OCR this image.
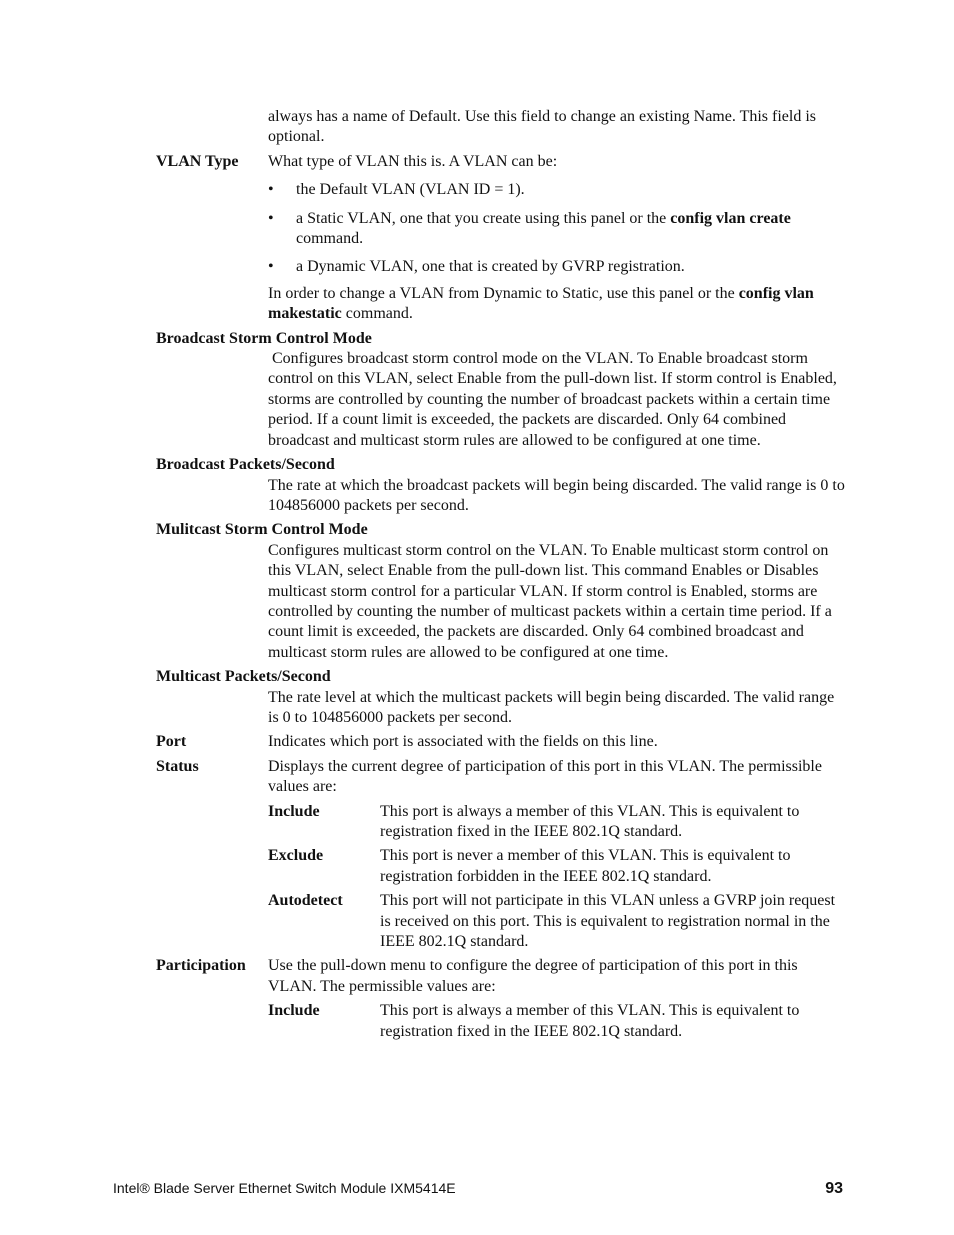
always has a name of Default. Use this field to change an existing Name. This field is optional.

VLAN Type	What type of VLAN this is. A VLAN can be:
•	the Default VLAN (VLAN ID = 1).
•	a Static VLAN, one that you create using this panel or the config vlan create command.
•	a Dynamic VLAN, one that is created by GVRP registration.

In order to change a VLAN from Dynamic to Static, use this panel or the config vlan makestatic command.

Broadcast Storm Control Mode

Configures broadcast storm control mode on the VLAN. To Enable broadcast storm control on this VLAN, select Enable from the pull-down list. If storm control is Enabled, storms are controlled by counting the number of broadcast packets within a certain time period. If a count limit is exceeded, the packets are discarded. Only 64 combined broadcast and multicast storm rules are allowed to be configured at one time.

Broadcast Packets/Second

The rate at which the broadcast packets will begin being discarded. The valid range is 0 to 104856000 packets per second.

Mulitcast Storm Control Mode

Configures multicast storm control on the VLAN. To Enable multicast storm control on this VLAN, select Enable from the pull-down list. This command Enables or Disables multicast storm control for a particular VLAN. If storm control is Enabled, storms are controlled by counting the number of multicast packets within a certain time period. If a count limit is exceeded, the packets are discarded. Only 64 combined broadcast and multicast storm rules are allowed to be configured at one time.

Multicast Packets/Second

The rate level at which the multicast packets will begin being discarded. The valid range is 0 to 104856000 packets per second.

Port	Indicates which port is associated with the fields on this line.
Status	Displays the current degree of participation of this port in this VLAN. The permissible values are:
Include	This port is always a member of this VLAN. This is equivalent to registration fixed in the IEEE 802.1Q standard.
Exclude	This port is never a member of this VLAN. This is equivalent to registration forbidden in the IEEE 802.1Q standard.
Autodetect	This port will not participate in this VLAN unless a GVRP join request is received on this port. This is equivalent to registration normal in the IEEE 802.1Q standard.
Participation	Use the pull-down menu to configure the degree of participation of this port in this VLAN. The permissible values are:
Include	This port is always a member of this VLAN. This is equivalent to registration fixed in the IEEE 802.1Q standard.
Intel® Blade Server Ethernet Switch Module IXM5414E	93
